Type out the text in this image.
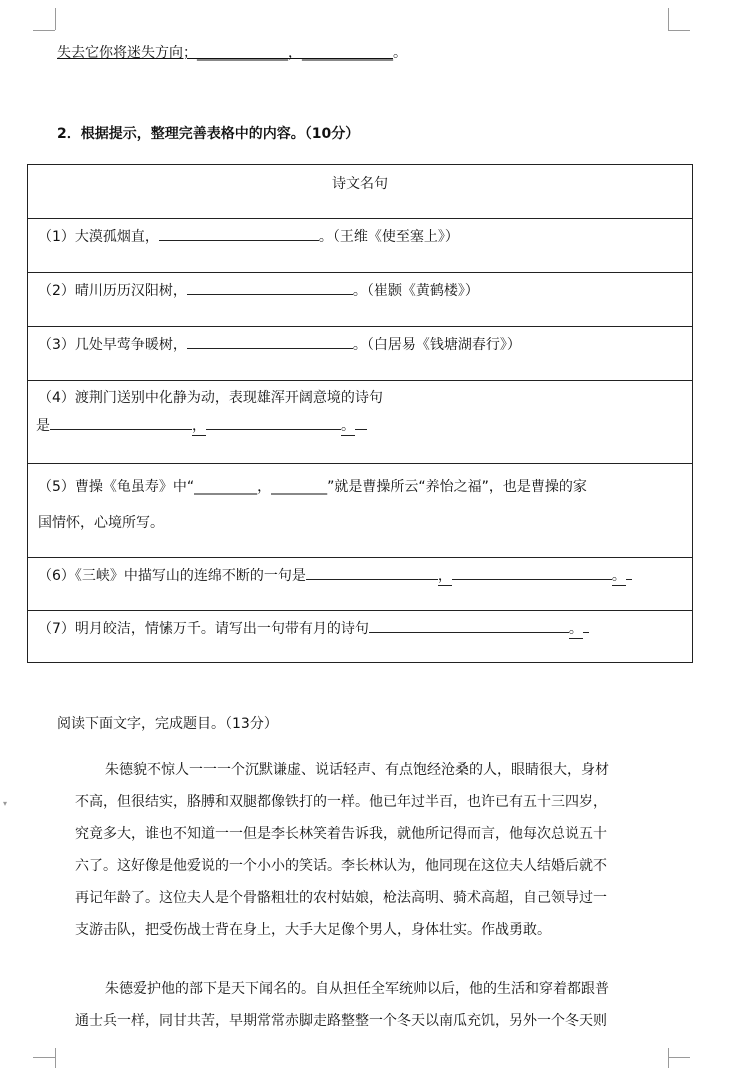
▾
失去它你将迷失方向；_____________，_____________。
2．根据提示，整理完善表格中的内容。（10分）
诗文名句
（1）大漠孤烟直，	。（王维《使至塞上》）
（2）晴川历历汉阳树，	。（崔颢《黄鹤楼》）
（3）几处早莺争暖树，	。（白居易《钱塘湖春行》）
（4）渡荆门送别中化静为动，表现雄浑开阔意境的诗句
是	，	。
（5）曹操《龟虽寿》中“_________，________”就是曹操所云“养怡之福”，也是曹操的家
国情怀，心境所写。
（6）《三峡》中描写山的连绵不断的一句是	，	。
（7）明月皎洁，情愫万千。请写出一句带有月的诗句	。
阅读下面文字，完成题目。（13分）
朱德貌不惊人一一一个沉默谦虚、说话轻声、有点饱经沧桑的人，眼睛很大，身材
不高，但很结实，胳膊和双腿都像铁打的一样。他已年过半百，也许已有五十三四岁，
究竟多大，谁也不知道一一但是李长林笑着告诉我，就他所记得而言，他每次总说五十
六了。这好像是他爱说的一个小小的笑话。李长林认为，他同现在这位夫人结婚后就不
再记年龄了。这位夫人是个骨骼粗壮的农村姑娘，枪法高明、骑术高超，自己领导过一
支游击队，把受伤战士背在身上，大手大足像个男人，身体壮实。作战勇敢。
朱德爱护他的部下是天下闻名的。自从担任全军统帅以后，他的生活和穿着都跟普
通士兵一样，同甘共苦，早期常常赤脚走路整整一个冬天以南瓜充饥，另外一个冬天则
